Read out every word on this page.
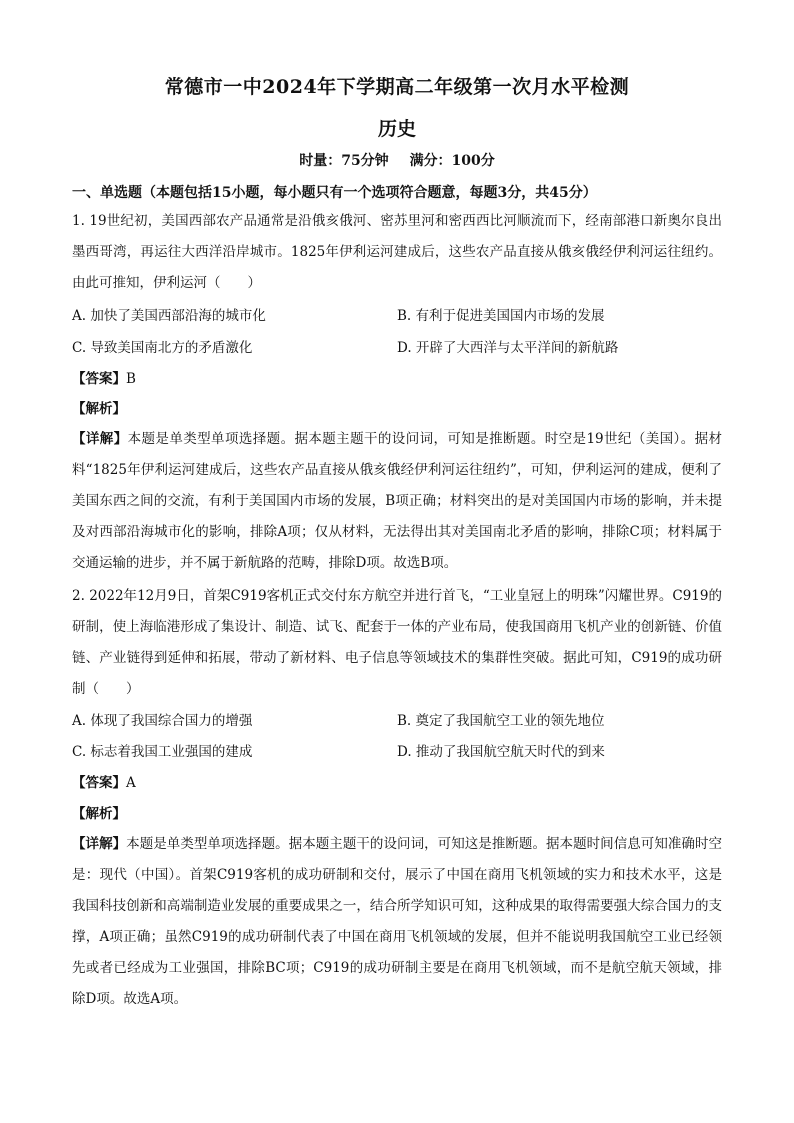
常德市一中2024年下学期高二年级第一次月水平检测
历史
时量：75分钟 满分：100分
一、单选题（本题包括15小题，每小题只有一个选项符合题意，每题3分，共45分）
1. 19世纪初，美国西部农产品通常是沿俄亥俄河、密苏里河和密西西比河顺流而下，经南部港口新奥尔良出墨西哥湾，再运往大西洋沿岸城市。1825年伊利运河建成后，这些农产品直接从俄亥俄经伊利河运往纽约。由此可推知，伊利运河（　　）
A. 加快了美国西部沿海的城市化	B. 有利于促进美国国内市场的发展
C. 导致美国南北方的矛盾激化	D. 开辟了大西洋与太平洋间的新航路
【答案】B
【解析】
【详解】本题是单类型单项选择题。据本题主题干的设问词，可知是推断题。时空是19世纪（美国）。据材料“1825年伊利运河建成后，这些农产品直接从俄亥俄经伊利河运往纽约”，可知，伊利运河的建成，便利了美国东西之间的交流，有利于美国国内市场的发展，B项正确；材料突出的是对美国国内市场的影响，并未提及对西部沿海城市化的影响，排除A项；仅从材料，无法得出其对美国南北矛盾的影响，排除C项；材料属于交通运输的进步，并不属于新航路的范畴，排除D项。故选B项。
2. 2022年12月9日，首架C919客机正式交付东方航空并进行首飞，“工业皇冠上的明珠”闪耀世界。C919的研制，使上海临港形成了集设计、制造、试飞、配套于一体的产业布局，使我国商用飞机产业的创新链、价值链、产业链得到延伸和拓展，带动了新材料、电子信息等领域技术的集群性突破。据此可知，C919的成功研制（　　）
A. 体现了我国综合国力的增强	B. 奠定了我国航空工业的领先地位
C. 标志着我国工业强国的建成	D. 推动了我国航空航天时代的到来
【答案】A
【解析】
【详解】本题是单类型单项选择题。据本题主题干的设问词，可知这是推断题。据本题时间信息可知准确时空是：现代（中国）。首架C919客机的成功研制和交付，展示了中国在商用飞机领域的实力和技术水平，这是我国科技创新和高端制造业发展的重要成果之一，结合所学知识可知，这种成果的取得需要强大综合国力的支撑，A项正确；虽然C919的成功研制代表了中国在商用飞机领域的发展，但并不能说明我国航空工业已经领先或者已经成为工业强国，排除BC项；C919的成功研制主要是在商用飞机领域，而不是航空航天领域，排除D项。故选A项。
